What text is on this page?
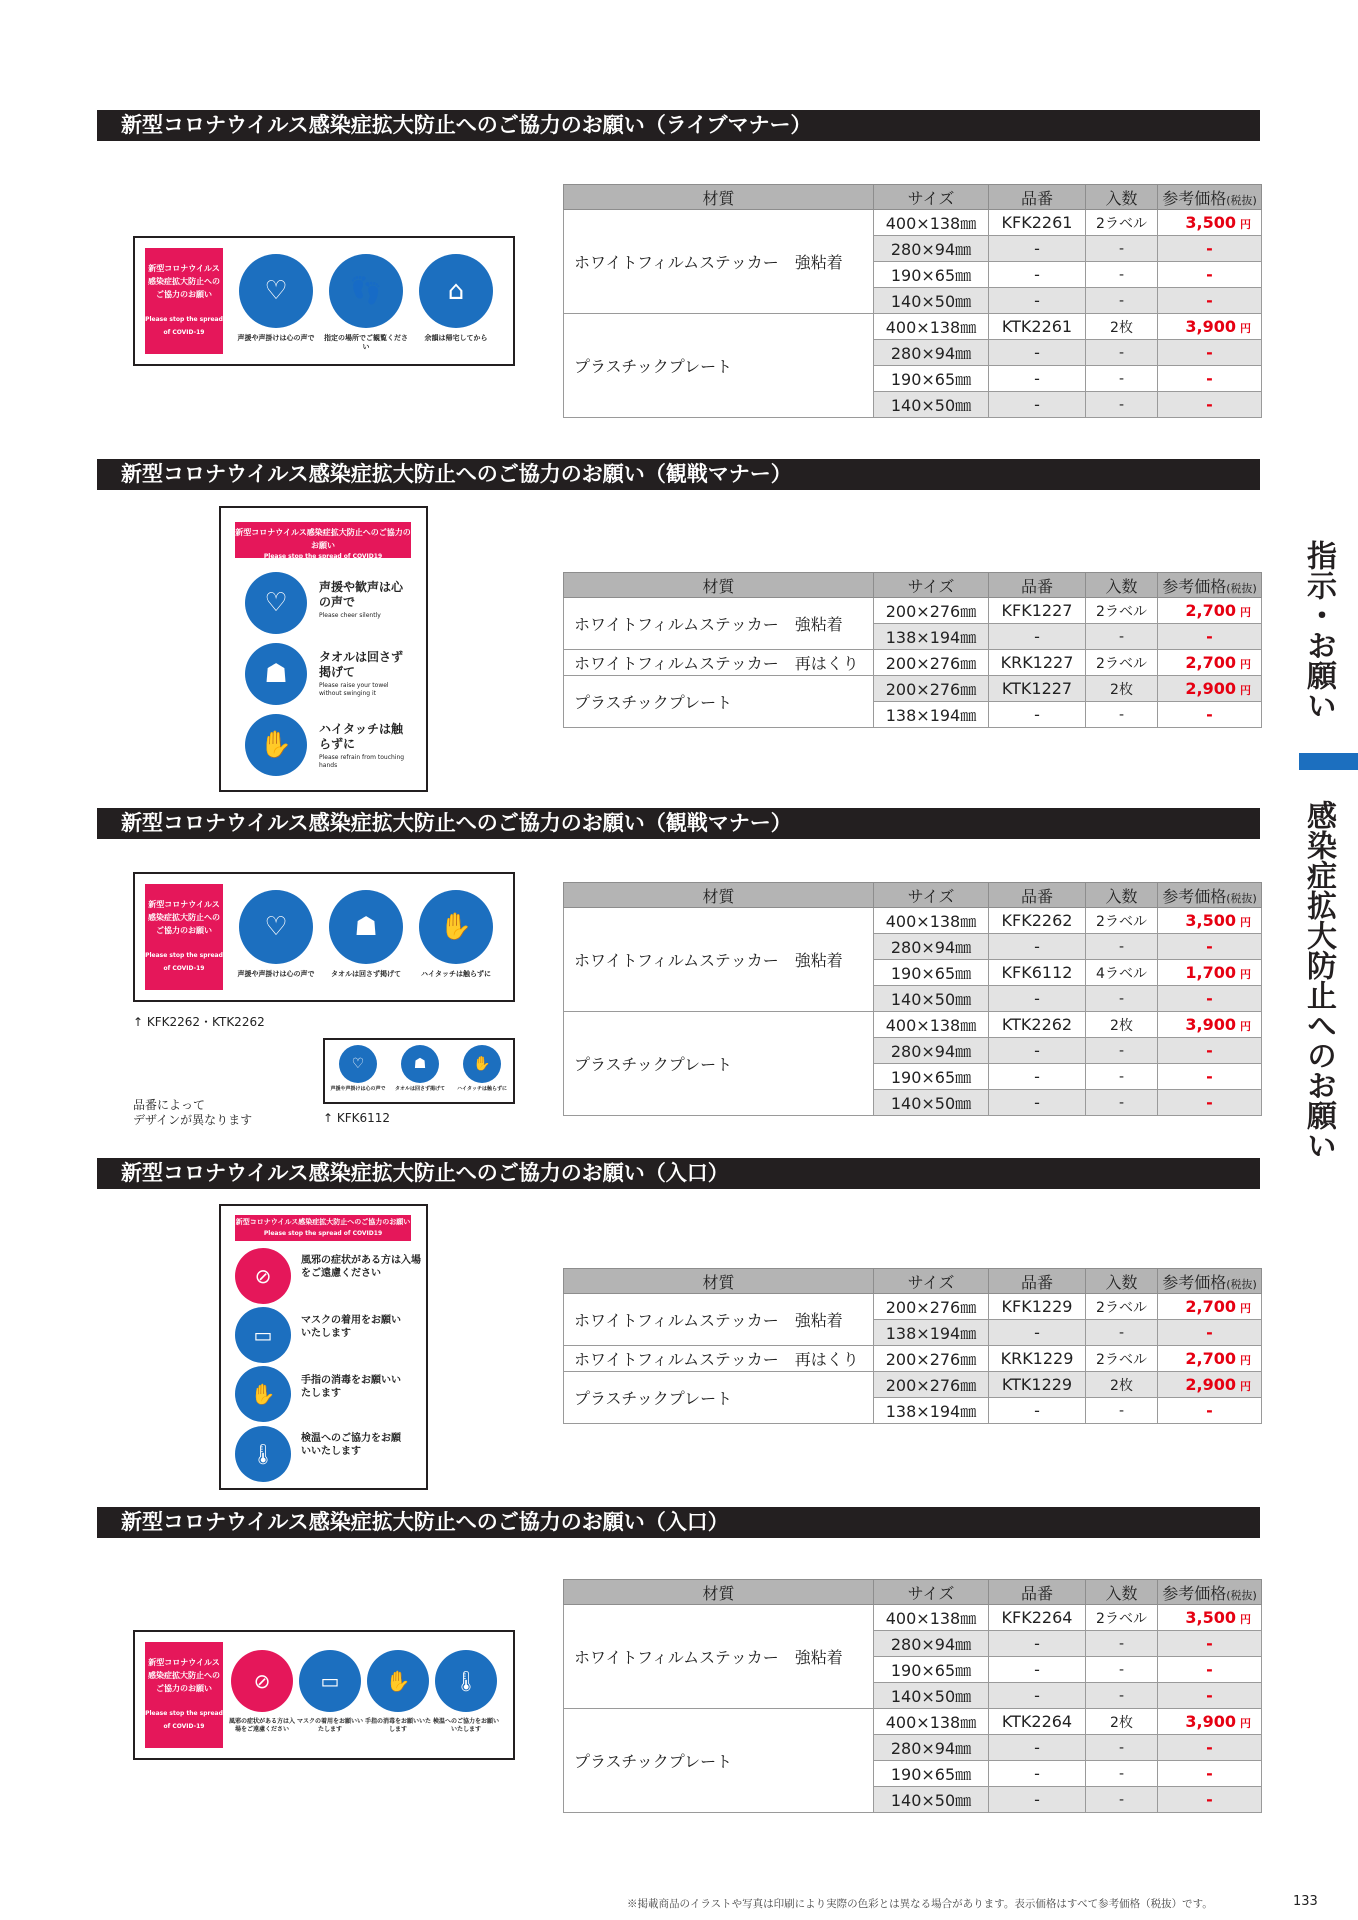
指示・お願い
感染症拡大防止へのお願い
新型コロナウイルス感染症拡大防止へのご協力のお願い（ライブマナー）
新型コロナウイルス感染症拡大防止へのご協力のお願い
Please stop the spread of COVID-19
♡	👣	⌂
声援や声掛けは心の声で	指定の場所でご観覧ください
余韻は帰宅してから
材質	サイズ	品番	入数	参考価格(税抜)
ホワイトフィルムステッカー　強粘着	400×138㎜	KFK2261	2ラベル	3,500 円
	280×94㎜	-	-	-
	190×65㎜	-	-	-
	140×50㎜	-	-	-
プラスチックプレート	400×138㎜	KTK2261	2枚	3,900 円
	280×94㎜	-	-	-
	190×65㎜	-	-	-
	140×50㎜	-	-	-
新型コロナウイルス感染症拡大防止へのご協力のお願い（観戦マナー）
新型コロナウイルス感染症拡大防止へのご協力のお願い
Please stop the spread of COVID19
♡
☗
✋
声援や歓声は心の声で
Please cheer silently
タオルは回さず掲げて
Please raise your towel without swinging it
ハイタッチは触らずに
Please refrain from touching hands
材質	サイズ	品番	入数	参考価格(税抜)
ホワイトフィルムステッカー　強粘着	200×276㎜	KFK1227	2ラベル	2,700 円
	138×194㎜	-	-	-
ホワイトフィルムステッカー　再はくり	200×276㎜	KRK1227	2ラベル	2,700 円
プラスチックプレート	200×276㎜	KTK1227	2枚	2,900 円
	138×194㎜	-	-	-
新型コロナウイルス感染症拡大防止へのご協力のお願い（観戦マナー）
新型コロナウイルス感染症拡大防止へのご協力のお願い
Please stop the spread of COVID-19
♡	☗	✋
声援や声掛けは心の声で	タオルは回さず掲げて	ハイタッチは触らずに
↑ KFK2262・KTK2262
♡	☗	✋
声援や声掛けは心の声で	タオルは回さず掲げて	ハイタッチは触らずに
品番によって
デザインが異なります	↑ KFK6112
材質	サイズ	品番	入数	参考価格(税抜)
ホワイトフィルムステッカー　強粘着	400×138㎜	KFK2262	2ラベル	3,500 円
	280×94㎜	-	-	-
	190×65㎜	KFK6112	4ラベル	1,700 円
	140×50㎜	-	-	-
プラスチックプレート	400×138㎜	KTK2262	2枚	3,900 円
	280×94㎜	-	-	-
	190×65㎜	-	-	-
	140×50㎜	-	-	-
新型コロナウイルス感染症拡大防止へのご協力のお願い（入口）
新型コロナウイルス感染症拡大防止へのご協力のお願い
Please stop the spread of COVID19
⊘
▭
✋
🌡
風邪の症状がある方は入場をご遠慮ください
マスクの着用をお願いいたします
手指の消毒をお願いいたします
検温へのご協力をお願いいたします
材質	サイズ	品番	入数	参考価格(税抜)
ホワイトフィルムステッカー　強粘着	200×276㎜	KFK1229	2ラベル	2,700 円
	138×194㎜	-	-	-
ホワイトフィルムステッカー　再はくり	200×276㎜	KRK1229	2ラベル	2,700 円
プラスチックプレート	200×276㎜	KTK1229	2枚	2,900 円
	138×194㎜	-	-	-
新型コロナウイルス感染症拡大防止へのご協力のお願い（入口）
新型コロナウイルス感染症拡大防止へのご協力のお願い
Please stop the spread of COVID-19
⊘	▭	✋	🌡
風邪の症状がある方は入場をご遠慮ください
マスクの着用をお願いいたします
手指の消毒をお願いいたします
検温へのご協力をお願いいたします
材質	サイズ	品番	入数	参考価格(税抜)
ホワイトフィルムステッカー　強粘着	400×138㎜	KFK2264	2ラベル	3,500 円
	280×94㎜	-	-	-
	190×65㎜	-	-	-
	140×50㎜	-	-	-
プラスチックプレート	400×138㎜	KTK2264	2枚	3,900 円
	280×94㎜	-	-	-
	190×65㎜	-	-	-
	140×50㎜	-	-	-
※掲載商品のイラストや写真は印刷により実際の色彩とは異なる場合があります。表示価格はすべて参考価格（税抜）です。	133
